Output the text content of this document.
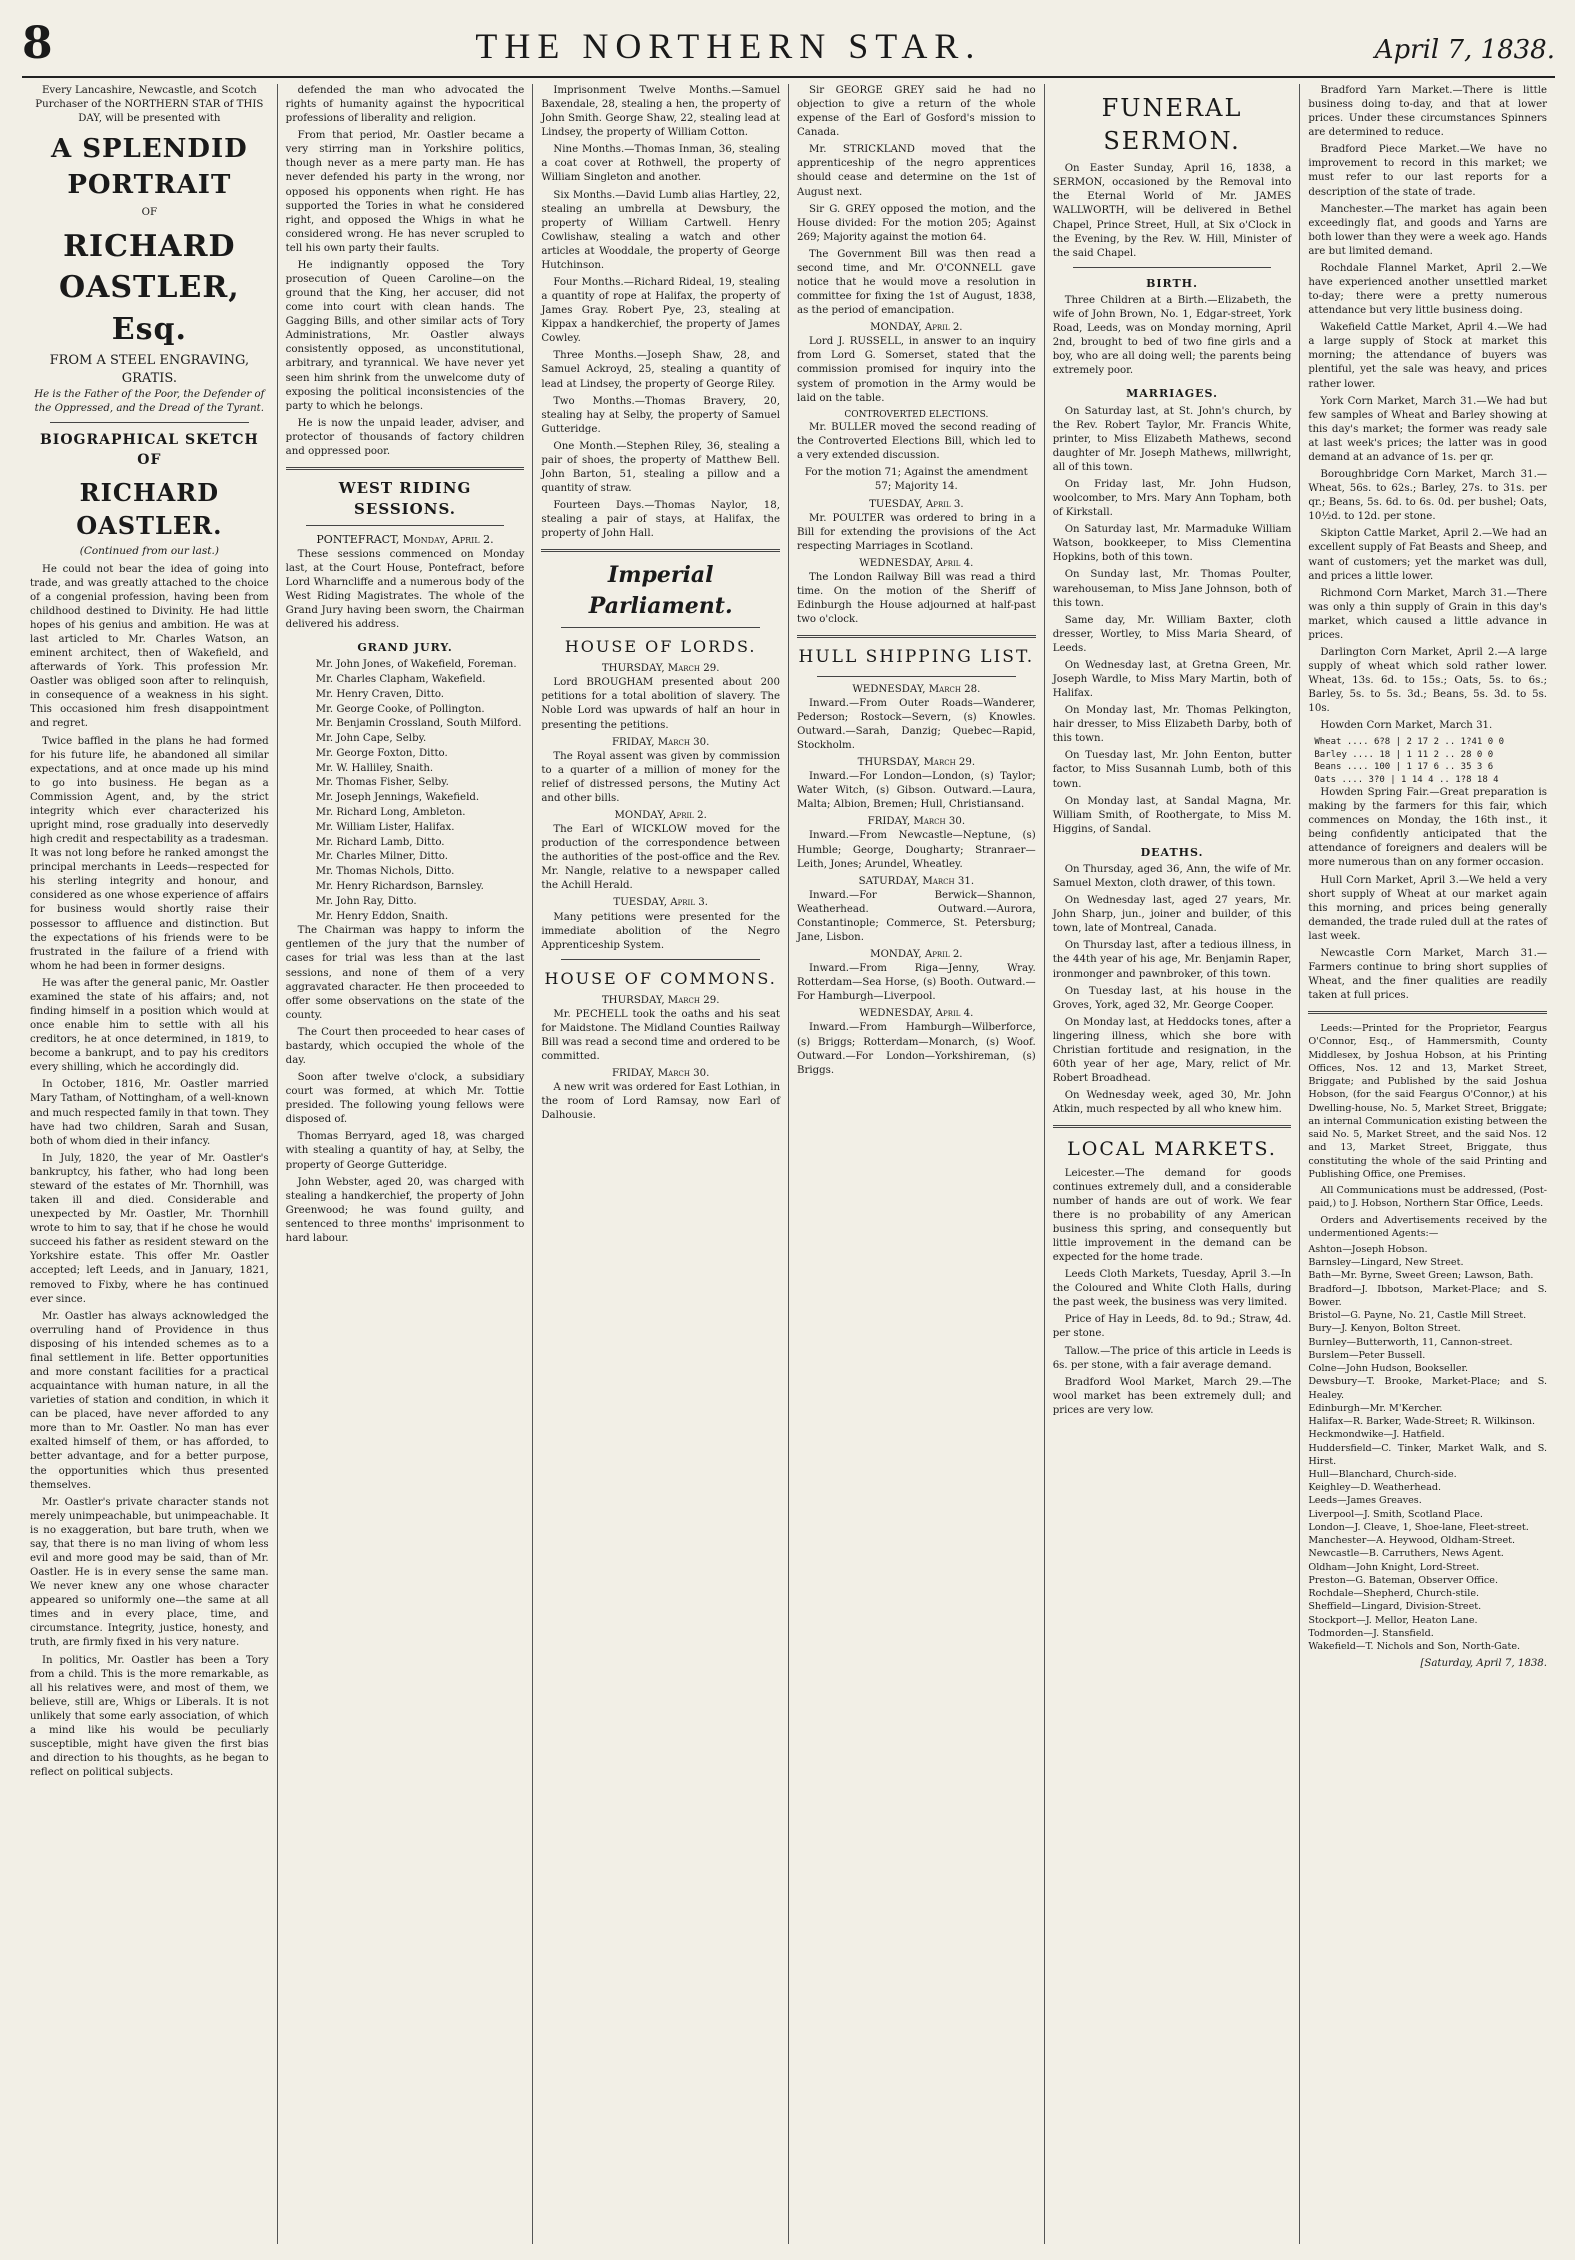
8	THE NORTHERN STAR.	April 7, 1838.

Every Lancashire, Newcastle, and Scotch Purchaser of the NORTHERN STAR of THIS DAY, will be presented with

A SPLENDID PORTRAIT
OF
RICHARD OASTLER, Esq.
FROM A STEEL ENGRAVING,
GRATIS.

He is the Father of the Poor, the Defender of the Oppressed, and the Dread of the Tyrant.

BIOGRAPHICAL SKETCH OF
RICHARD OASTLER.
(Continued from our last.)

He could not bear the idea of going into trade, and was greatly attached to the choice of a congenial profession, having been from childhood destined to Divinity. He had little hopes of his genius and ambition. He was at last articled to Mr. Charles Watson, an eminent architect, then of Wakefield, and afterwards of York. This profession Mr. Oastler was obliged soon after to relinquish, in consequence of a weakness in his sight. This occasioned him fresh disappointment and regret.

Twice baffled in the plans he had formed for his future life, he abandoned all similar expectations, and at once made up his mind to go into business. He began as a Commission Agent, and, by the strict integrity which ever characterized his upright mind, rose gradually into deservedly high credit and respectability as a tradesman. It was not long before he ranked amongst the principal merchants in Leeds—respected for his sterling integrity and honour, and considered as one whose experience of affairs for business would shortly raise their possessor to affluence and distinction. But the expectations of his friends were to be frustrated in the failure of a friend with whom he had been in former designs.

He was after the general panic, Mr. Oastler examined the state of his affairs; and, not finding himself in a position which would at once enable him to settle with all his creditors, he at once determined, in 1819, to become a bankrupt, and to pay his creditors every shilling, which he accordingly did.

In October, 1816, Mr. Oastler married Mary Tatham, of Nottingham, of a well-known and much respected family in that town. They have had two children, Sarah and Susan, both of whom died in their infancy.

In July, 1820, the year of Mr. Oastler's bankruptcy, his father, who had long been steward of the estates of Mr. Thornhill, was taken ill and died. Considerable and unexpected by Mr. Oastler, Mr. Thornhill wrote to him to say, that if he chose he would succeed his father as resident steward on the Yorkshire estate. This offer Mr. Oastler accepted; left Leeds, and in January, 1821, removed to Fixby, where he has continued ever since.

Mr. Oastler has always acknowledged the overruling hand of Providence in thus disposing of his intended schemes as to a final settlement in life. Better opportunities and more constant facilities for a practical acquaintance with human nature, in all the varieties of station and condition, in which it can be placed, have never afforded to any more than to Mr. Oastler. No man has ever exalted himself of them, or has afforded, to better advantage, and for a better purpose, the opportunities which thus presented themselves.

Mr. Oastler's private character stands not merely unimpeachable, but unimpeachable. It is no exaggeration, but bare truth, when we say, that there is no man living of whom less evil and more good may be said, than of Mr. Oastler. He is in every sense the same man. We never knew any one whose character appeared so uniformly one—the same at all times and in every place, time, and circumstance. Integrity, justice, honesty, and truth, are firmly fixed in his very nature.

In politics, Mr. Oastler has been a Tory from a child. This is the more remarkable, as all his relatives were, and most of them, we believe, still are, Whigs or Liberals. It is not unlikely that some early association, of which a mind like his would be peculiarly susceptible, might have given the first bias and direction to his thoughts, as he began to reflect on political subjects.

defended the man who advocated the rights of humanity against the hypocritical professions of liberality and religion.

From that period, Mr. Oastler became a very stirring man in Yorkshire politics, though never as a mere party man. He has never defended his party in the wrong, nor opposed his opponents when right. He has supported the Tories in what he considered right, and opposed the Whigs in what he considered wrong. He has never scrupled to tell his own party their faults.

He indignantly opposed the Tory prosecution of Queen Caroline—on the ground that the King, her accuser, did not come into court with clean hands. The Gagging Bills, and other similar acts of Tory Administrations, Mr. Oastler always consistently opposed, as unconstitutional, arbitrary, and tyrannical. We have never yet seen him shrink from the unwelcome duty of exposing the political inconsistencies of the party to which he belongs.

He is now the unpaid leader, adviser, and protector of thousands of factory children and oppressed poor.

WEST RIDING SESSIONS.
PONTEFRACT, Monday, April 2.

These sessions commenced on Monday last, at the Court House, Pontefract, before Lord Wharncliffe and a numerous body of the West Riding Magistrates. The whole of the Grand Jury having been sworn, the Chairman delivered his address.

GRAND JURY.
Mr. John Jones, of Wakefield, Foreman.
Mr. Charles Clapham, Wakefield.
Mr. Henry Craven, Ditto.
Mr. George Cooke, of Pollington.
Mr. Benjamin Crossland, South Milford.
Mr. John Cape, Selby.
Mr. George Foxton, Ditto.
Mr. W. Halliley, Snaith.
Mr. Thomas Fisher, Selby.
Mr. Joseph Jennings, Wakefield.
Mr. Richard Long, Ambleton.
Mr. William Lister, Halifax.
Mr. Richard Lamb, Ditto.
Mr. Charles Milner, Ditto.
Mr. Thomas Nichols, Ditto.
Mr. Henry Richardson, Barnsley.
Mr. John Ray, Ditto.
Mr. Henry Eddon, Snaith.

The Chairman was happy to inform the gentlemen of the jury that the number of cases for trial was less than at the last sessions, and none of them of a very aggravated character. He then proceeded to offer some observations on the state of the county.

The Court then proceeded to hear cases of bastardy, which occupied the whole of the day.

Soon after twelve o'clock, a subsidiary court was formed, at which Mr. Tottie presided. The following young fellows were disposed of.

Thomas Berryard, aged 18, was charged with stealing a quantity of hay, at Selby, the property of George Gutteridge.

John Webster, aged 20, was charged with stealing a handkerchief, the property of John Greenwood; he was found guilty, and sentenced to three months' imprisonment to hard labour.

Imprisonment Twelve Months.—Samuel Baxendale, 28, stealing a hen, the property of John Smith. George Shaw, 22, stealing lead at Lindsey, the property of William Cotton.

Nine Months.—Thomas Inman, 36, stealing a coat cover at Rothwell, the property of William Singleton and another.

Six Months.—David Lumb alias Hartley, 22, stealing an umbrella at Dewsbury, the property of William Cartwell. Henry Cowlishaw, stealing a watch and other articles at Wooddale, the property of George Hutchinson.

Four Months.—Richard Rideal, 19, stealing a quantity of rope at Halifax, the property of James Gray. Robert Pye, 23, stealing at Kippax a handkerchief, the property of James Cowley.

Three Months.—Joseph Shaw, 28, and Samuel Ackroyd, 25, stealing a quantity of lead at Lindsey, the property of George Riley.

Two Months.—Thomas Bravery, 20, stealing hay at Selby, the property of Samuel Gutteridge.

One Month.—Stephen Riley, 36, stealing a pair of shoes, the property of Matthew Bell. John Barton, 51, stealing a pillow and a quantity of straw.

Fourteen Days.—Thomas Naylor, 18, stealing a pair of stays, at Halifax, the property of John Hall.

Imperial Parliament.
HOUSE OF LORDS.
THURSDAY, March 29.

Lord BROUGHAM presented about 200 petitions for a total abolition of slavery. The Noble Lord was upwards of half an hour in presenting the petitions.

FRIDAY, March 30.

The Royal assent was given by commission to a quarter of a million of money for the relief of distressed persons, the Mutiny Act and other bills.

MONDAY, April 2.

The Earl of WICKLOW moved for the production of the correspondence between the authorities of the post-office and the Rev. Mr. Nangle, relative to a newspaper called the Achill Herald.

TUESDAY, April 3.

Many petitions were presented for the immediate abolition of the Negro Apprenticeship System.

HOUSE OF COMMONS.
THURSDAY, March 29.

Mr. PECHELL took the oaths and his seat for Maidstone. The Midland Counties Railway Bill was read a second time and ordered to be committed.

FRIDAY, March 30.

A new writ was ordered for East Lothian, in the room of Lord Ramsay, now Earl of Dalhousie.

Sir GEORGE GREY said he had no objection to give a return of the whole expense of the Earl of Gosford's mission to Canada.

Mr. STRICKLAND moved that the apprenticeship of the negro apprentices should cease and determine on the 1st of August next.

Sir G. GREY opposed the motion, and the House divided: For the motion 205; Against 269; Majority against the motion 64.

The Government Bill was then read a second time, and Mr. O'CONNELL gave notice that he would move a resolution in committee for fixing the 1st of August, 1838, as the period of emancipation.

MONDAY, April 2.

Lord J. RUSSELL, in answer to an inquiry from Lord G. Somerset, stated that the commission promised for inquiry into the system of promotion in the Army would be laid on the table.

CONTROVERTED ELECTIONS.

Mr. BULLER moved the second reading of the Controverted Elections Bill, which led to a very extended discussion.

For the motion 71; Against the amendment 57; Majority 14.

TUESDAY, April 3.

Mr. POULTER was ordered to bring in a Bill for extending the provisions of the Act respecting Marriages in Scotland.

WEDNESDAY, April 4.

The London Railway Bill was read a third time. On the motion of the Sheriff of Edinburgh the House adjourned at half-past two o'clock.

HULL SHIPPING LIST.
WEDNESDAY, March 28.

Inward.—From Outer Roads—Wanderer, Pederson; Rostock—Severn, (s) Knowles. Outward.—Sarah, Danzig; Quebec—Rapid, Stockholm.

THURSDAY, March 29.

Inward.—For London—London, (s) Taylor; Water Witch, (s) Gibson. Outward.—Laura, Malta; Albion, Bremen; Hull, Christiansand.

FRIDAY, March 30.

Inward.—From Newcastle—Neptune, (s) Humble; George, Dougharty; Stranraer—Leith, Jones; Arundel, Wheatley.

SATURDAY, March 31.

Inward.—For Berwick—Shannon, Weatherhead. Outward.—Aurora, Constantinople; Commerce, St. Petersburg; Jane, Lisbon.

MONDAY, April 2.

Inward.—From Riga—Jenny, Wray. Rotterdam—Sea Horse, (s) Booth. Outward.—For Hamburgh—Liverpool.

WEDNESDAY, April 4.

Inward.—From Hamburgh—Wilberforce, (s) Briggs; Rotterdam—Monarch, (s) Woof. Outward.—For London—Yorkshireman, (s) Briggs.

FUNERAL SERMON.

On Easter Sunday, April 16, 1838, a SERMON, occasioned by the Removal into the Eternal World of Mr. JAMES WALLWORTH, will be delivered in Bethel Chapel, Prince Street, Hull, at Six o'Clock in the Evening, by the Rev. W. Hill, Minister of the said Chapel.

BIRTH.

Three Children at a Birth.—Elizabeth, the wife of John Brown, No. 1, Edgar-street, York Road, Leeds, was on Monday morning, April 2nd, brought to bed of two fine girls and a boy, who are all doing well; the parents being extremely poor.

MARRIAGES.

On Saturday last, at St. John's church, by the Rev. Robert Taylor, Mr. Francis White, printer, to Miss Elizabeth Mathews, second daughter of Mr. Joseph Mathews, millwright, all of this town.

On Friday last, Mr. John Hudson, woolcomber, to Mrs. Mary Ann Topham, both of Kirkstall.

On Saturday last, Mr. Marmaduke William Watson, bookkeeper, to Miss Clementina Hopkins, both of this town.

On Sunday last, Mr. Thomas Poulter, warehouseman, to Miss Jane Johnson, both of this town.

Same day, Mr. William Baxter, cloth dresser, Wortley, to Miss Maria Sheard, of Leeds.

On Wednesday last, at Gretna Green, Mr. Joseph Wardle, to Miss Mary Martin, both of Halifax.

On Monday last, Mr. Thomas Pelkington, hair dresser, to Miss Elizabeth Darby, both of this town.

On Tuesday last, Mr. John Eenton, butter factor, to Miss Susannah Lumb, both of this town.

On Monday last, at Sandal Magna, Mr. William Smith, of Roothergate, to Miss M. Higgins, of Sandal.

DEATHS.

On Thursday, aged 36, Ann, the wife of Mr. Samuel Mexton, cloth drawer, of this town.

On Wednesday last, aged 27 years, Mr. John Sharp, jun., joiner and builder, of this town, late of Montreal, Canada.

On Thursday last, after a tedious illness, in the 44th year of his age, Mr. Benjamin Raper, ironmonger and pawnbroker, of this town.

On Tuesday last, at his house in the Groves, York, aged 32, Mr. George Cooper.

On Monday last, at Heddocks tones, after a lingering illness, which she bore with Christian fortitude and resignation, in the 60th year of her age, Mary, relict of Mr. Robert Broadhead.

On Wednesday week, aged 30, Mr. John Atkin, much respected by all who knew him.

LOCAL MARKETS.

Leicester.—The demand for goods continues extremely dull, and a considerable number of hands are out of work. We fear there is no probability of any American business this spring, and consequently but little improvement in the demand can be expected for the home trade.

Leeds Cloth Markets, Tuesday, April 3.—In the Coloured and White Cloth Halls, during the past week, the business was very limited.

Price of Hay in Leeds, 8d. to 9d.; Straw, 4d. per stone.

Tallow.—The price of this article in Leeds is 6s. per stone, with a fair average demand.

Bradford Wool Market, March 29.—The wool market has been extremely dull; and prices are very low.

Bradford Yarn Market.—There is little business doing to-day, and that at lower prices. Under these circumstances Spinners are determined to reduce.

Bradford Piece Market.—We have no improvement to record in this market; we must refer to our last reports for a description of the state of trade.

Manchester.—The market has again been exceedingly flat, and goods and Yarns are both lower than they were a week ago. Hands are but limited demand.

Rochdale Flannel Market, April 2.—We have experienced another unsettled market to-day; there were a pretty numerous attendance but very little business doing.

Wakefield Cattle Market, April 4.—We had a large supply of Stock at market this morning; the attendance of buyers was plentiful, yet the sale was heavy, and prices rather lower.

York Corn Market, March 31.—We had but few samples of Wheat and Barley showing at this day's market; the former was ready sale at last week's prices; the latter was in good demand at an advance of 1s. per qr.

Boroughbridge Corn Market, March 31.—Wheat, 56s. to 62s.; Barley, 27s. to 31s. per qr.; Beans, 5s. 6d. to 6s. 0d. per bushel; Oats, 10½d. to 12d. per stone.

Skipton Cattle Market, April 2.—We had an excellent supply of Fat Beasts and Sheep, and want of customers; yet the market was dull, and prices a little lower.

Richmond Corn Market, March 31.—There was only a thin supply of Grain in this day's market, which caused a little advance in prices.

Darlington Corn Market, April 2.—A large supply of wheat which sold rather lower. Wheat, 13s. 6d. to 15s.; Oats, 5s. to 6s.; Barley, 5s. to 5s. 3d.; Beans, 5s. 3d. to 5s. 10s.

Howden Corn Market, March 31.

Wheat .... 6?8 | 2 17 2 .. 1?41 0 0
Barley .... 18 | 1 11 2 .. 28 0 0
Beans .... 100 | 1 17 6 .. 35 3 6
Oats .... 3?0 | 1 14 4 .. 1?8 18 4

Howden Spring Fair.—Great preparation is making by the farmers for this fair, which commences on Monday, the 16th inst., it being confidently anticipated that the attendance of foreigners and dealers will be more numerous than on any former occasion.

Hull Corn Market, April 3.—We held a very short supply of Wheat at our market again this morning, and prices being generally demanded, the trade ruled dull at the rates of last week.

Newcastle Corn Market, March 31.—Farmers continue to bring short supplies of Wheat, and the finer qualities are readily taken at full prices.

Leeds:—Printed for the Proprietor, Feargus O'Connor, Esq., of Hammersmith, County Middlesex, by Joshua Hobson, at his Printing Offices, Nos. 12 and 13, Market Street, Briggate; and Published by the said Joshua Hobson, (for the said Feargus O'Connor,) at his Dwelling-house, No. 5, Market Street, Briggate; an internal Communication existing between the said No. 5, Market Street, and the said Nos. 12 and 13, Market Street, Briggate, thus constituting the whole of the said Printing and Publishing Office, one Premises.

All Communications must be addressed, (Post-paid,) to J. Hobson, Northern Star Office, Leeds.

Orders and Advertisements received by the undermentioned Agents:—

Ashton—Joseph Hobson.
Barnsley—Lingard, New Street.
Bath—Mr. Byrne, Sweet Green; Lawson, Bath.
Bradford—J. Ibbotson, Market-Place; and S. Bower.
Bristol—G. Payne, No. 21, Castle Mill Street.
Bury—J. Kenyon, Bolton Street.
Burnley—Butterworth, 11, Cannon-street.
Burslem—Peter Bussell.
Colne—John Hudson, Bookseller.
Dewsbury—T. Brooke, Market-Place; and S. Healey.
Edinburgh—Mr. M'Kercher.
Halifax—R. Barker, Wade-Street; R. Wilkinson.
Heckmondwike—J. Hatfield.
Huddersfield—C. Tinker, Market Walk, and S. Hirst.
Hull—Blanchard, Church-side.
Keighley—D. Weatherhead.
Leeds—James Greaves.
Liverpool—J. Smith, Scotland Place.
London—J. Cleave, 1, Shoe-lane, Fleet-street.
Manchester—A. Heywood, Oldham-Street.
Newcastle—B. Carruthers, News Agent.
Oldham—John Knight, Lord-Street.
Preston—G. Bateman, Observer Office.
Rochdale—Shepherd, Church-stile.
Sheffield—Lingard, Division-Street.
Stockport—J. Mellor, Heaton Lane.
Todmorden—J. Stansfield.
Wakefield—T. Nichols and Son, North-Gate.
[Saturday, April 7, 1838.
